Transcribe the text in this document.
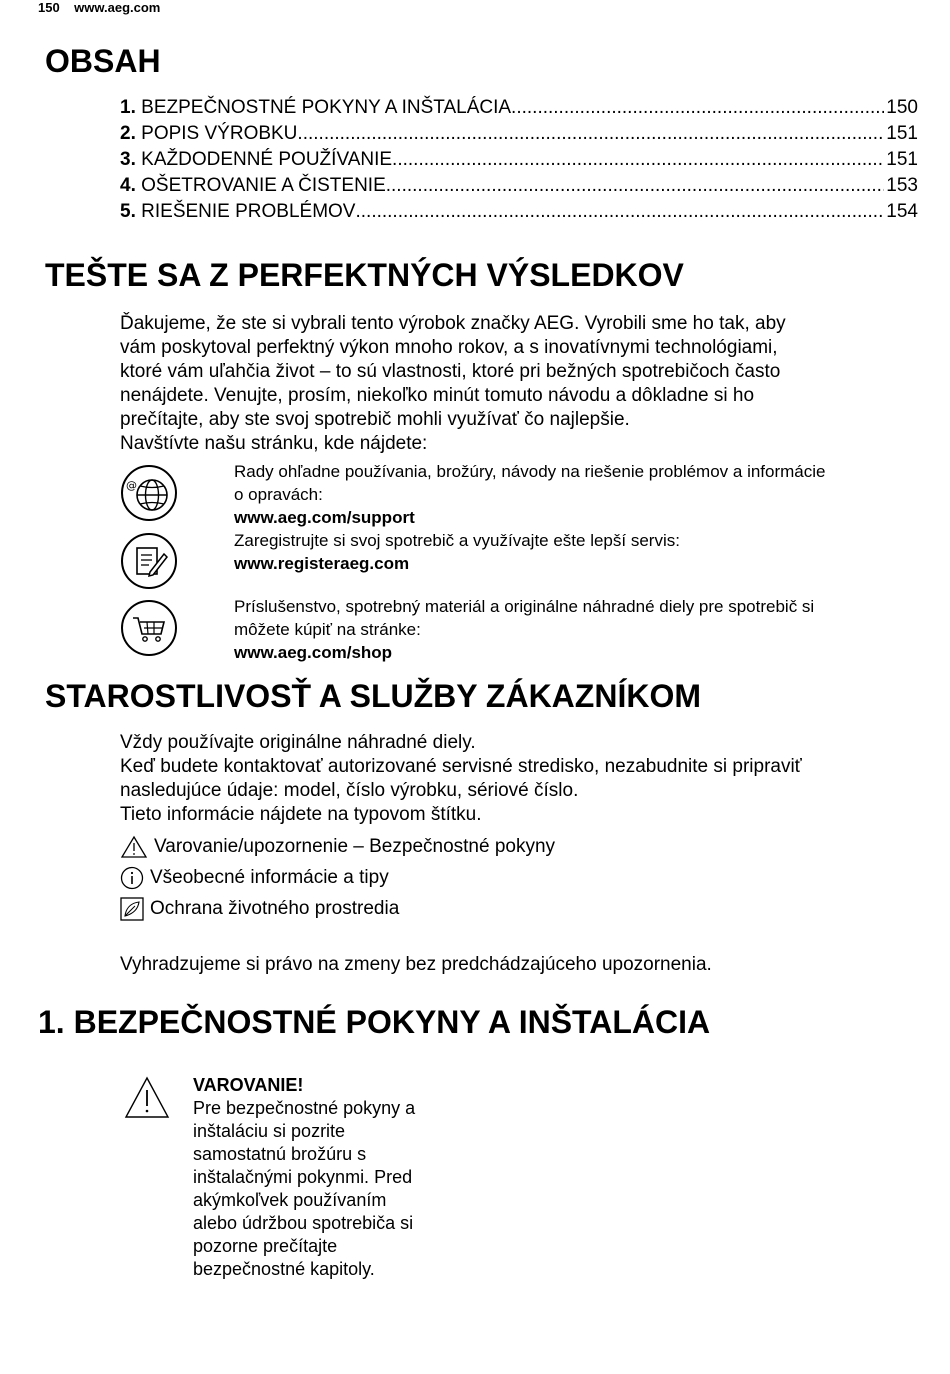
150 www.aeg.com
OBSAH
1.
BEZPEČNOSTNÉ POKYNY A INŠTALÁCIA .....	150
2.
POPIS VÝROBKU .....	151
3.
KAŽDODENNÉ POUŽÍVANIE .....	151
4.
OŠETROVANIE A ČISTENIE .....	153
5.
RIEŠENIE PROBLÉMOV .....	154
TEŠTE SA Z PERFEKTNÝCH VÝSLEDKOV

Ďakujeme, že ste si vybrali tento výrobok značky AEG. Vyrobili sme ho tak, aby

vám poskytoval perfektný výkon mnoho rokov, a s inovatívnymi technológiami,

ktoré vám uľahčia život – to sú vlastnosti, ktoré pri bežných spotrebičoch často

nenájdete. Venujte, prosím, niekoľko minút tomuto návodu a dôkladne si ho

prečítajte, aby ste svoj spotrebič mohli využívať čo najlepšie.

Navštívte našu stránku, kde nájdete:

@

Rady ohľadne používania, brožúry, návody na riešenie problémov a informácie

o opravách:

www.aeg.com/support

Zaregistrujte si svoj spotrebič a využívajte ešte lepší servis:

www.registeraeg.com

Príslušenstvo, spotrebný materiál a originálne náhradné diely pre spotrebič si

môžete kúpiť na stránke:

www.aeg.com/shop

STAROSTLIVOSŤ A SLUŽBY ZÁKAZNÍKOM

Vždy používajte originálne náhradné diely.

Keď budete kontaktovať autorizované servisné stredisko, nezabudnite si pripraviť

nasledujúce údaje: model, číslo výrobku, sériové číslo.

Tieto informácie nájdete na typovom štítku.

Varovanie/upozornenie – Bezpečnostné pokyny
Všeobecné informácie a tipy
Ochrana životného prostredia

Vyhradzujeme si právo na zmeny bez predchádzajúceho upozornenia.

1. BEZPEČNOSTNÉ POKYNY A INŠTALÁCIA

VAROVANIE!

Pre bezpečnostné pokyny a

inštaláciu si pozrite

samostatnú brožúru s

inštalačnými pokynmi. Pred

akýmkoľvek používaním

alebo údržbou spotrebiča si

pozorne prečítajte

bezpečnostné kapitoly.
